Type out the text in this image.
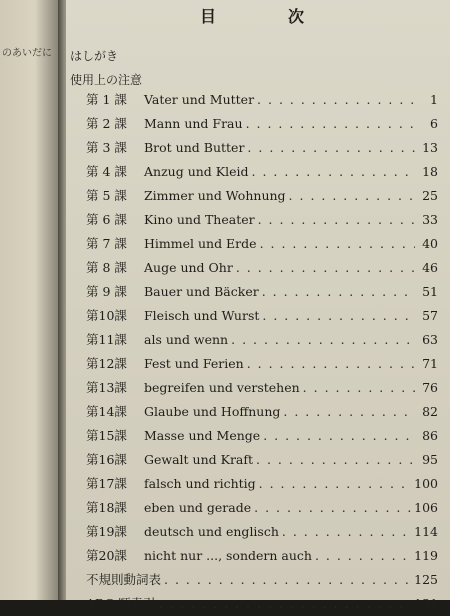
のあいだに
目　次
はしがき
使用上の注意
第 1 課	Vater und Mutter . . .	1
第 2 課	Mann und Frau . . .	6
第 3 課	Brot und Butter . . .	13
第 4 課	Anzug und Kleid . . .	18
第 5 課	Zimmer und Wohnung . . .	25
第 6 課	Kino und Theater . . .	33
第 7 課	Himmel und Erde . . .	40
第 8 課	Auge und Ohr . . .	46
第 9 課	Bauer und Bäcker . . .	51
第10課	Fleisch und Wurst . . .	57
第11課	als und wenn . . .	63
第12課	Fest und Ferien . . .	71
第13課	begreifen und verstehen . . .	76
第14課	Glaube und Hoffnung . . .	82
第15課	Masse und Menge . . .	86
第16課	Gewalt und Kraft . . .	95
第17課	falsch und richtig . . .	100
第18課	eben und gerade . . .	106
第19課	deutsch und englisch . . .	114
第20課	nicht nur ..., sondern auch . . .	119
不規則動詞表 . . .	125
ABC 順索引 . . .	131
